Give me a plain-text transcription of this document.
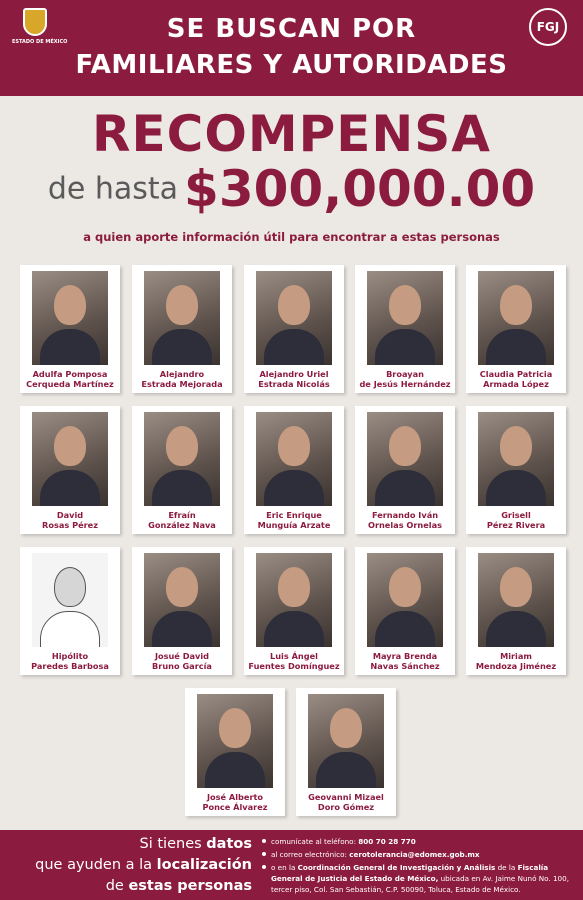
ESTADO DE MÉXICO	SE BUSCAN POR
FAMILIARES Y AUTORIDADES
FGJ
RECOMPENSA
de hasta $300,000.00
a quien aporte información útil para encontrar a estas personas
Adulfa Pomposa
Cerqueda Martínez
Alejandro
Estrada Mejorada
Alejandro Uriel
Estrada Nicolás
Broayan
de Jesús Hernández
Claudia Patricia
Armada López
David
Rosas Pérez
Efraín
González Nava
Eric Enrique
Munguía Arzate
Fernando Iván
Ornelas Ornelas
Grisell
Pérez Rivera
Hipólito
Paredes Barbosa
Josué David
Bruno García
Luis Ángel
Fuentes Domínguez
Mayra Brenda
Navas Sánchez
Miriam
Mendoza Jiménez
José Alberto
Ponce Álvarez
Geovanni Mizael
Doro Gómez
Si tienes datos
que ayuden a la localización
de estas personas
comunícate al teléfono: 800 70 28 770
al correo electrónico: cerotolerancia@edomex.gob.mx
o en la Coordinación General de Investigación y Análisis de la Fiscalía General de Justicia del Estado de México, ubicada en Av. Jaime Nunó No. 100, tercer piso, Col. San Sebastián, C.P. 50090, Toluca, Estado de México.
